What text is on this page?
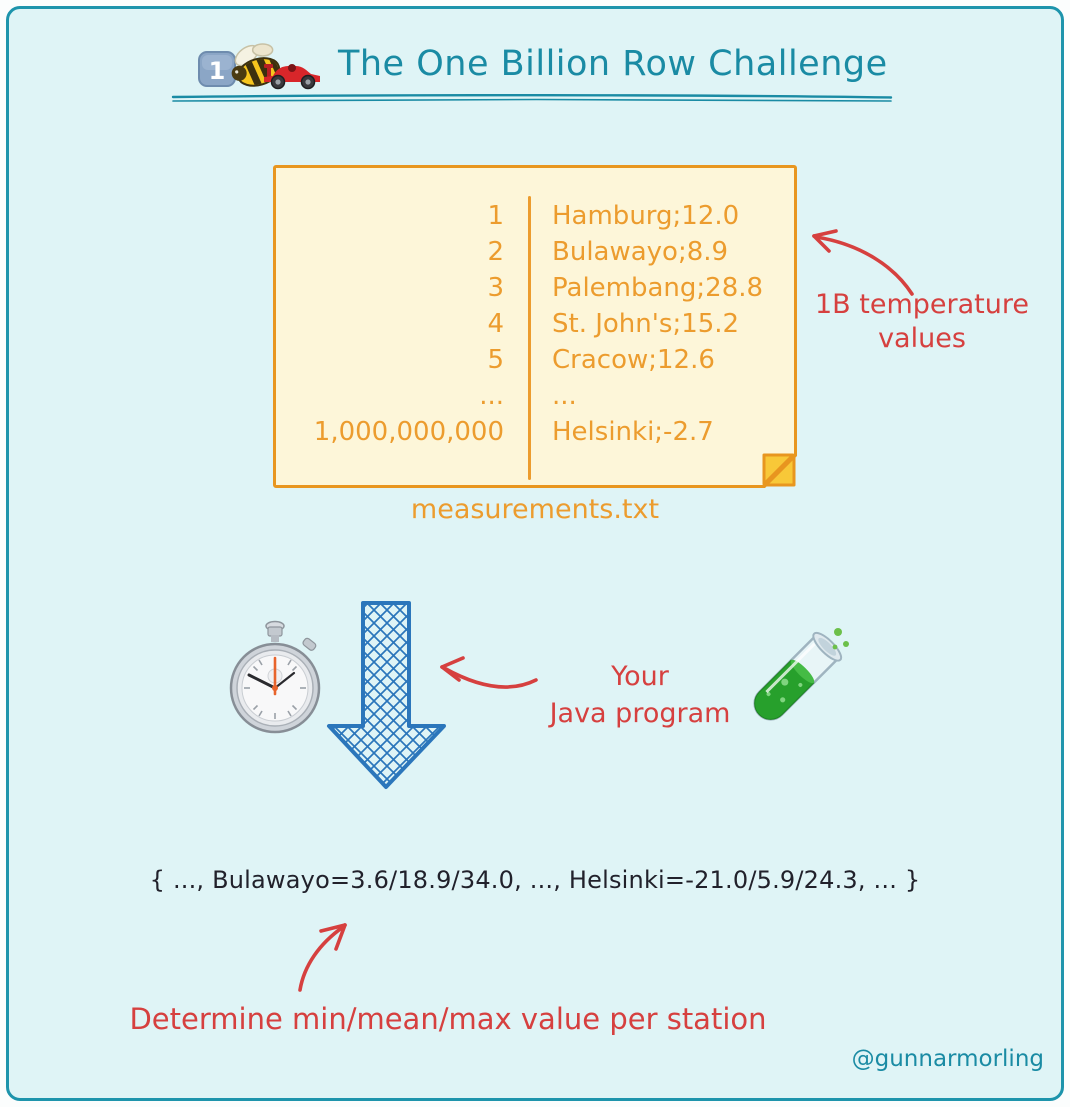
1	The One Billion Row Challenge
1	Hamburg;12.0
2	Bulawayo;8.9
3	Palembang;28.8
4	St. John's;15.2
5	Cracow;12.6
...	...
1,000,000,000	Helsinki;-2.7
measurements.txt
1B temperature
values
Your
Java program
{ ..., Bulawayo=3.6/18.9/34.0, ..., Helsinki=-21.0/5.9/24.3, ... }
Determine min/mean/max value per station
@gunnarmorling
